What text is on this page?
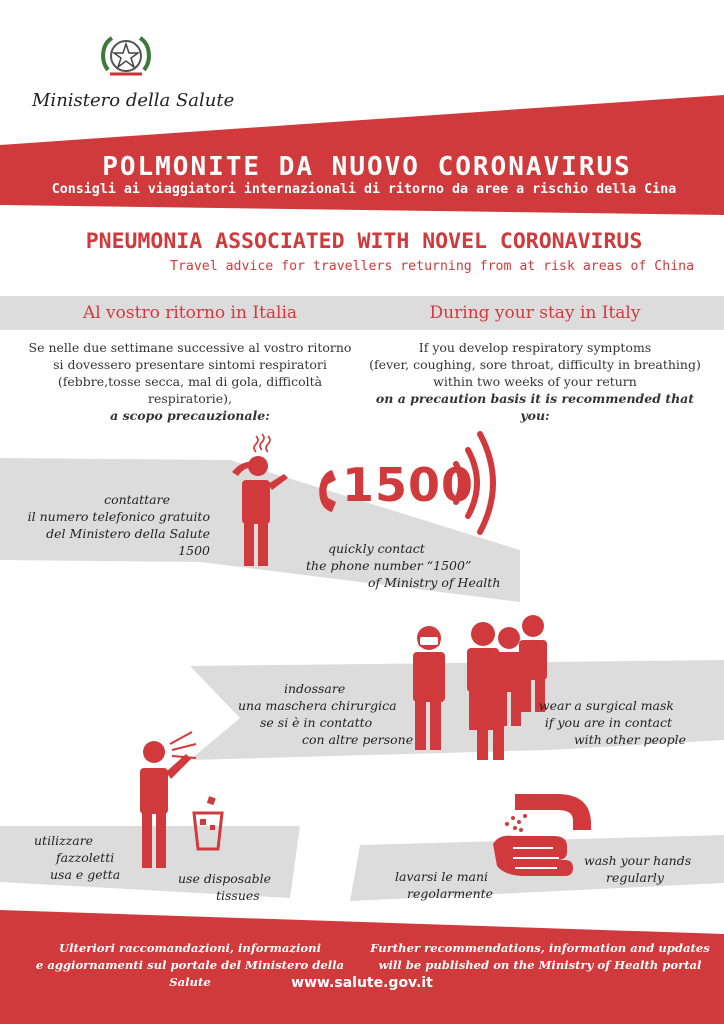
Ministero della Salute
POLMONITE DA NUOVO CORONAVIRUS
Consigli ai viaggiatori internazionali di ritorno da aree a rischio della Cina
PNEUMONIA ASSOCIATED WITH NOVEL CORONAVIRUS
Travel advice for travellers returning from at risk areas of China
Al vostro ritorno in Italia	During your stay in Italy
Se nelle due settimane successive al vostro ritorno
si dovessero presentare sintomi respiratori
(febbre,tosse secca, mal di gola, difficoltà respiratorie),
a scopo precauzionale:
If you develop respiratory symptoms
(fever, coughing, sore throat, difficulty in breathing)
within two weeks of your return
on a precaution basis it is recommended that you:
1500
contattare
il numero telefonico gratuito
del Ministero della Salute
1500	quickly contact
the phone number “1500”
of Ministry of Health
indossare
una maschera chirurgica
se si è in contatto
con altre persone
wear a surgical mask
if you are in contact
with other people
utilizzare
fazzoletti
usa e getta	use disposable
tissues
lavarsi le mani
regolarmente
wash your hands
regularly
Ulteriori raccomandazioni, informazioni
e aggiornamenti sul portale del Ministero della Salute
Further recommendations, information and updates
will be published on the Ministry of Health portal
www.salute.gov.it
